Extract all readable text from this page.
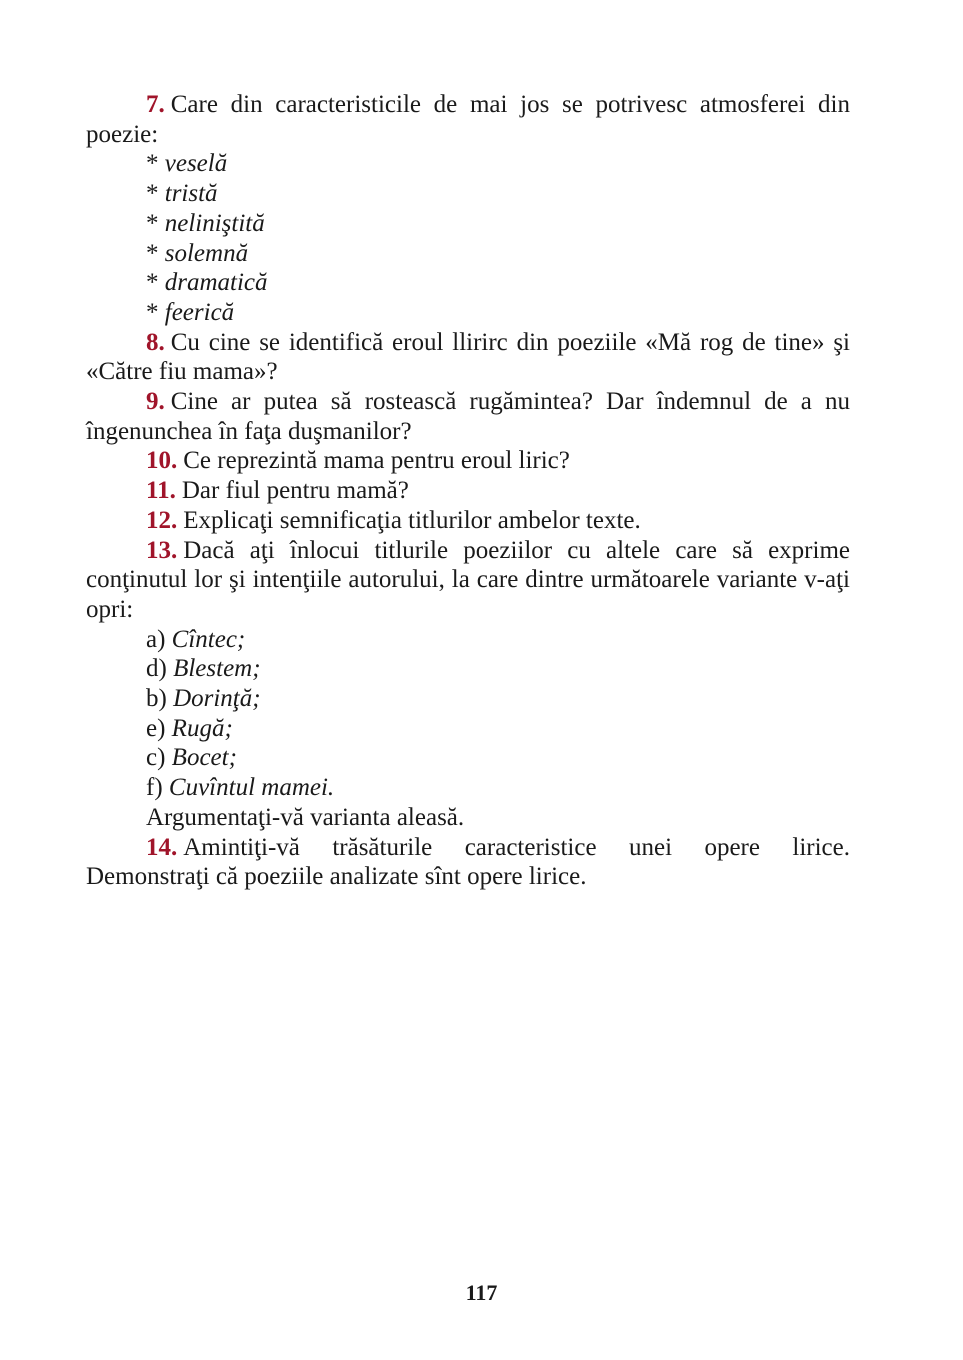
7. Care din caracteristicile de mai jos se potrivesc atmosferei din poezie:

* veselă

* tristă

* neliniştită

* solemnă

* dramatică

* feerică

8. Cu cine se identifică eroul llirirc din poeziile «Mă rog de tine» şi «Către fiu mama»?

9. Cine ar putea să rostească rugămintea? Dar îndemnul de a nu îngenunchea în faţa duşmanilor?

10. Ce reprezintă mama pentru eroul liric?

11. Dar fiul pentru mamă?

12. Explicaţi semnificaţia titlurilor ambelor texte.

13. Dacă aţi înlocui titlurile poeziilor cu altele care să exprime conţinutul lor şi intenţiile autorului, la care dintre următoarele variante v-aţi opri:

a) Cîntec;

d) Blestem;

b) Dorinţă;

e) Rugă;

c) Bocet;

f) Cuvîntul mamei.

Argumentaţi-vă varianta aleasă.

14. Amintiţi-vă trăsăturile caracteristice unei opere lirice.

Demonstraţi că poeziile analizate sînt opere lirice.

117
